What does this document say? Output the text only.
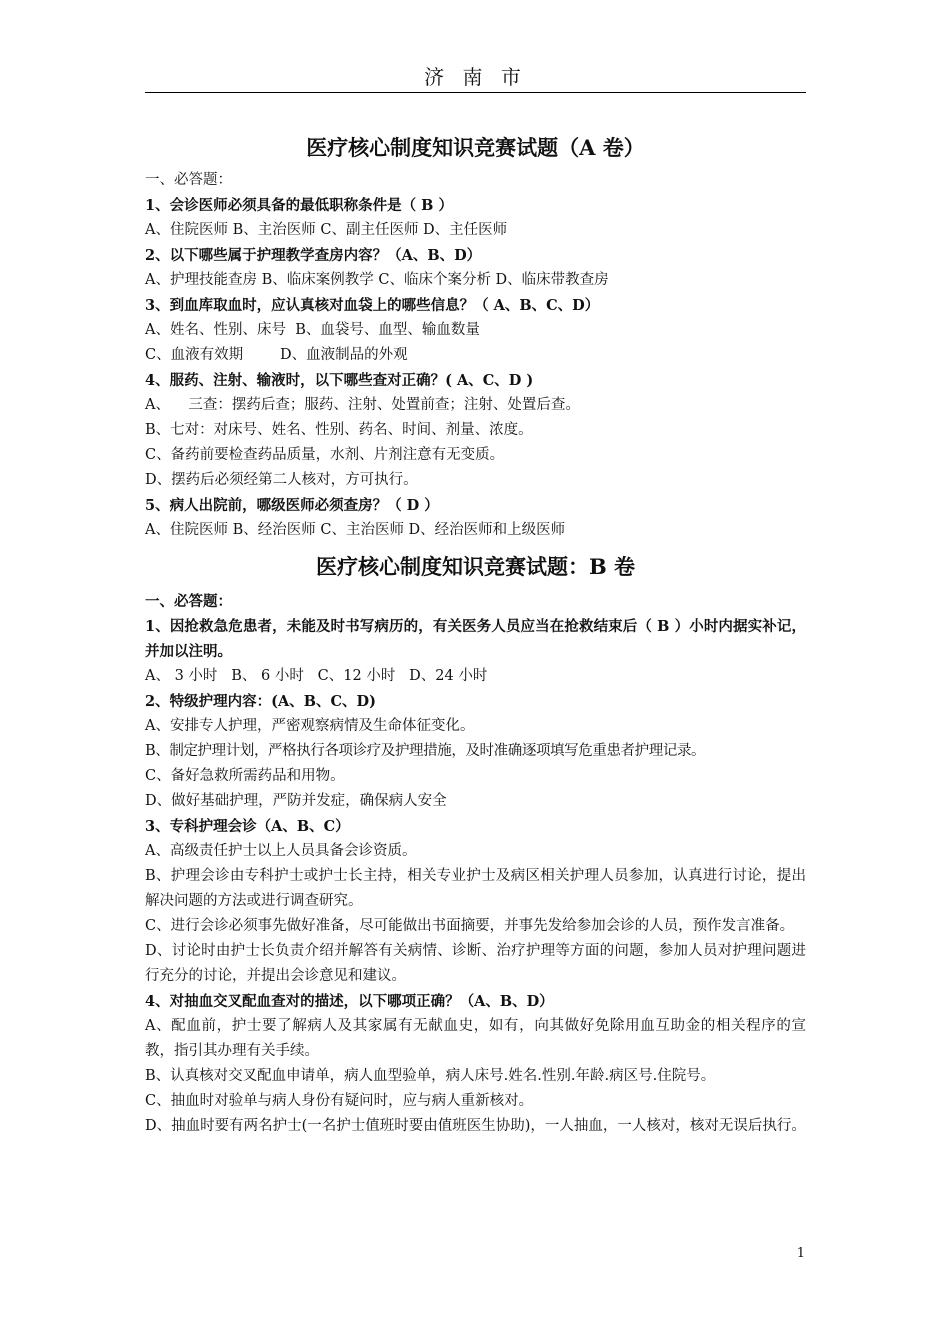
济 南 市
医疗核心制度知识竞赛试题（A 卷）

一、必答题：

1、会诊医师必须具备的最低职称条件是（ B ）

A、住院医师 B、主治医师 C、副主任医师 D、主任医师

2、以下哪些属于护理教学查房内容？（A、B、D）

A、护理技能查房 B、临床案例教学 C、临床个案分析 D、临床带教查房

3、到血库取血时，应认真核对血袋上的哪些信息？（ A、B、C、D）

A、姓名、性别、床号  B、血袋号、血型、输血数量

C、血液有效期        D、血液制品的外观

4、服药、注射、输液时，以下哪些查对正确？( A、C、D )

A、    三查：摆药后查；服药、注射、处置前查；注射、处置后查。

B、七对：对床号、姓名、性别、药名、时间、剂量、浓度。

C、备药前要检查药品质量，水剂、片剂注意有无变质。

D、摆药后必须经第二人核对，方可执行。

5、病人出院前，哪级医师必须查房？（ D ）

A、住院医师 B、经治医师 C、主治医师 D、经治医师和上级医师

医疗核心制度知识竞赛试题：B 卷

一、必答题：

1、因抢救急危患者，未能及时书写病历的，有关医务人员应当在抢救结束后（ B ）小时内据实补记，并加以注明。

A、 3 小时   B、 6 小时   C、12 小时   D、24 小时

2、特级护理内容：(A、B、C、D)

A、安排专人护理，严密观察病情及生命体征变化。

B、制定护理计划，严格执行各项诊疗及护理措施，及时准确逐项填写危重患者护理记录。

C、备好急救所需药品和用物。

D、做好基础护理，严防并发症，确保病人安全

3、专科护理会诊（A、B、C）

A、高级责任护士以上人员具备会诊资质。

B、护理会诊由专科护士或护士长主持，相关专业护士及病区相关护理人员参加，认真进行讨论，提出解决问题的方法或进行调查研究。

C、进行会诊必须事先做好准备，尽可能做出书面摘要，并事先发给参加会诊的人员，预作发言准备。

D、讨论时由护士长负责介绍并解答有关病情、诊断、治疗护理等方面的问题，参加人员对护理问题进行充分的讨论，并提出会诊意见和建议。

4、对抽血交叉配血查对的描述，以下哪项正确？（A、B、D）

A、配血前，护士要了解病人及其家属有无献血史，如有，向其做好免除用血互助金的相关程序的宣教，指引其办理有关手续。

B、认真核对交叉配血申请单，病人血型验单，病人床号.姓名.性别.年龄.病区号.住院号。

C、抽血时对验单与病人身份有疑问时，应与病人重新核对。

D、抽血时要有两名护士(一名护士值班时要由值班医生协助)，一人抽血，一人核对，核对无误后执行。

1
